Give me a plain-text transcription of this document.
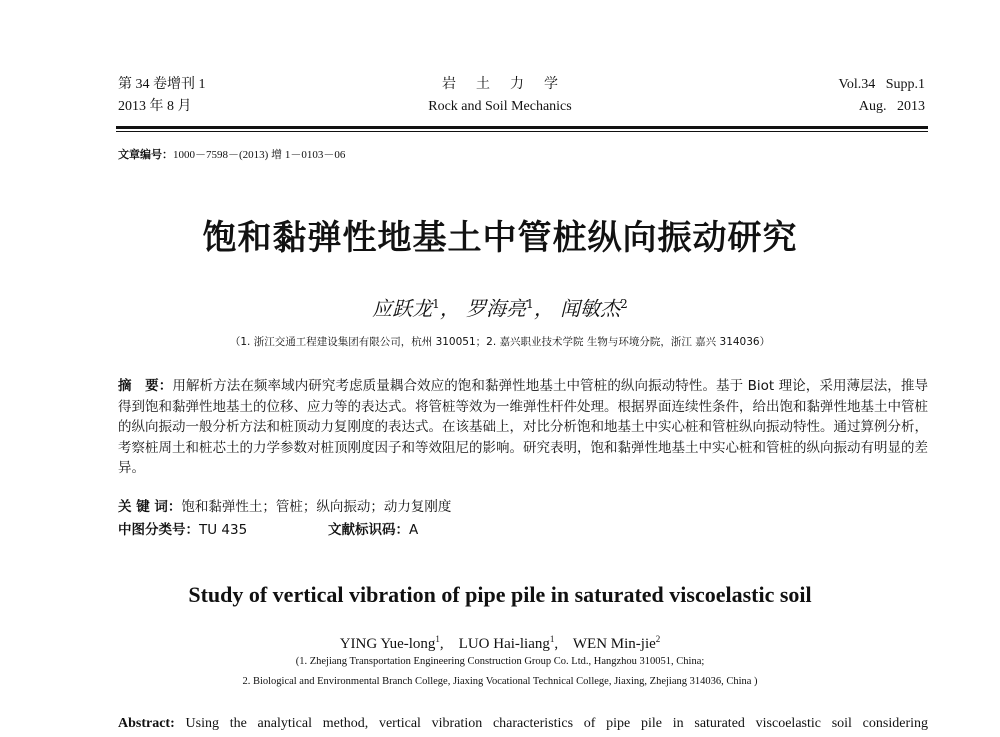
第 34 卷增刊 1
2013 年 8 月
岩土力学
Rock and Soil Mechanics
Vol.34   Supp.1
Aug.   2013
文章编号：1000－7598－(2013) 增 1－0103－06
饱和黏弹性地基土中管桩纵向振动研究
应跃龙$^1$， 罗海亮$^1$， 闻敏杰$^2$
（1. 浙江交通工程建设集团有限公司，杭州 310051；2. 嘉兴职业技术学院 生物与环境分院，浙江 嘉兴 314036）
摘　要：用解析方法在频率域内研究考虑质量耦合效应的饱和黏弹性地基土中管桩的纵向振动特性。基于 Biot 理论，采用薄层法，推导得到饱和黏弹性地基土的位移、应力等的表达式。将管桩等效为一维弹性杆件处理。根据界面连续性条件，给出饱和黏弹性地基土中管桩的纵向振动一般分析方法和桩顶动力复刚度的表达式。在该基础上，对比分析饱和地基土中实心桩和管桩纵向振动特性。通过算例分析，考察桩周土和桩芯土的力学参数对桩顶刚度因子和等效阻尼的影响。研究表明，饱和黏弹性地基土中实心桩和管桩的纵向振动有明显的差异。
关 键 词：饱和黏弹性土；管桩；纵向振动；动力复刚度
中图分类号：TU 435	文献标识码：A
Study of vertical vibration of pipe pile in saturated viscoelastic soil
YING Yue-long$^1$,    LUO Hai-liang$^1$,    WEN Min-jie$^2$
(1. Zhejiang Transportation Engineering Construction Group Co. Ltd., Hangzhou 310051, China;
2. Biological and Environmental Branch College, Jiaxing Vocational Technical College, Jiaxing, Zhejiang 314036, China )
Abstract: Using the analytical method, vertical vibration characteristics of pipe pile in saturated viscoelastic soil considering
